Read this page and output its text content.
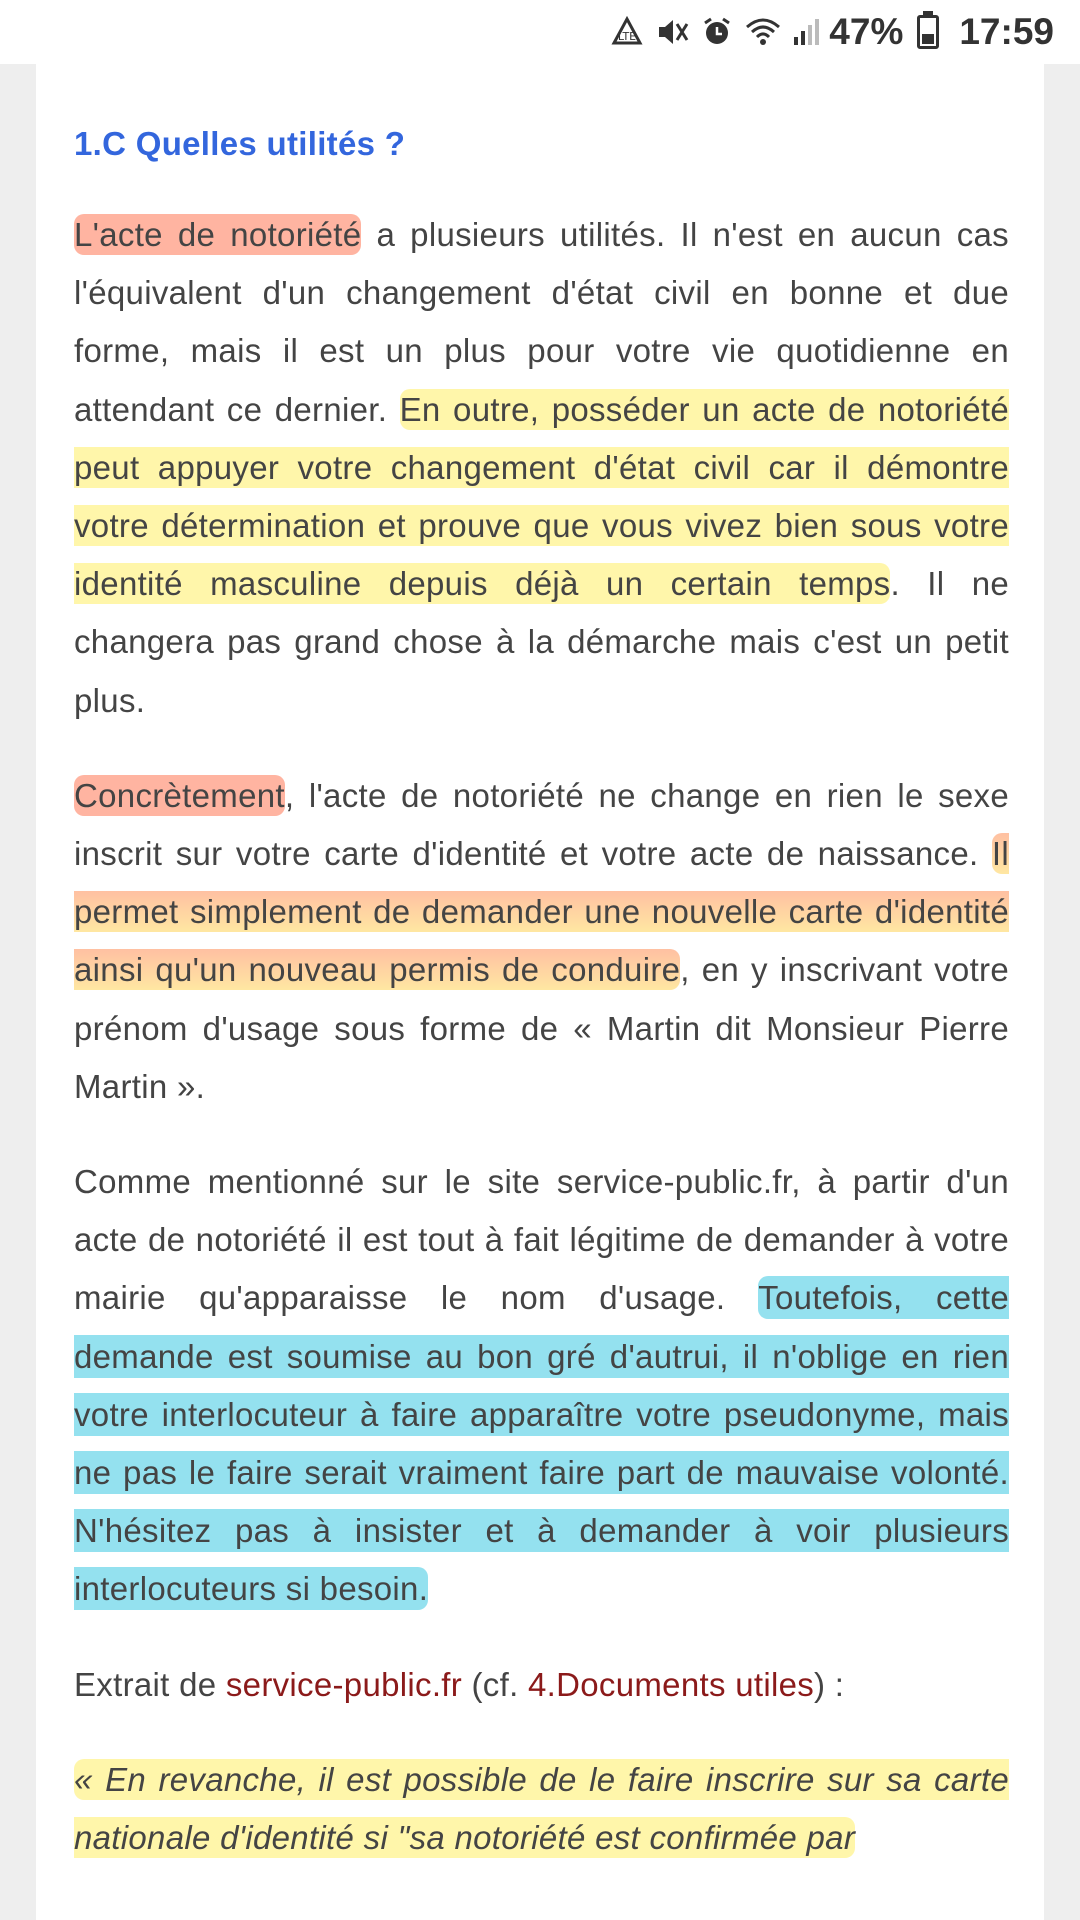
LTE	47% 17:59
1.C Quelles utilités ?

L'acte de notoriété a plusieurs utilités. Il n'est en aucun cas l'équivalent d'un changement d'état civil en bonne et due forme, mais il est un plus pour votre vie quotidienne en attendant ce dernier. En outre, posséder un acte de notoriété peut appuyer votre changement d'état civil car il démontre votre détermination et prouve que vous vivez bien sous votre identité masculine depuis déjà un certain temps. Il ne changera pas grand chose à la démarche mais c'est un petit plus.

Concrètement, l'acte de notoriété ne change en rien le sexe inscrit sur votre carte d'identité et votre acte de naissance. Il permet simplement de demander une nouvelle carte d'identité ainsi qu'un nouveau permis de conduire, en y inscrivant votre prénom d'usage sous forme de « Martin dit Monsieur Pierre Martin ».

Comme mentionné sur le site service-public.fr, à partir d'un acte de notoriété il est tout à fait légitime de demander à votre mairie qu'apparaisse le nom d'usage. Toutefois, cette demande est soumise au bon gré d'autrui, il n'oblige en rien votre interlocuteur à faire apparaître votre pseudonyme, mais ne pas le faire serait vraiment faire part de mauvaise volonté. N'hésitez pas à insister et à demander à voir plusieurs interlocuteurs si besoin.

Extrait de service-public.fr (cf. 4.Documents utiles) :

« En revanche, il est possible de le faire inscrire sur sa carte nationale d'identité si "sa notoriété est confirmée par
